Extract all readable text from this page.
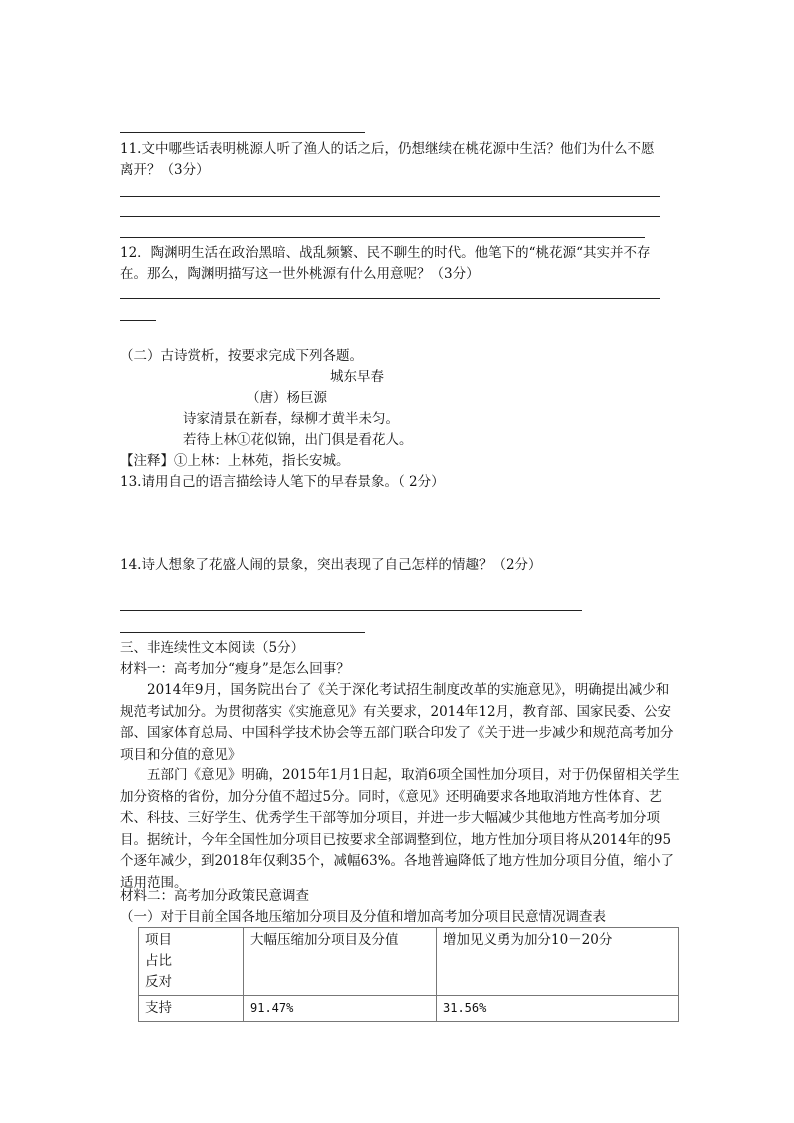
11.文中哪些话表明桃源人听了渔人的话之后，仍想继续在桃花源中生活？他们为什么不愿
离开？（3分）
12．陶渊明生活在政治黑暗、战乱频繁、民不聊生的时代。他笔下的“桃花源“其实并不存
在。那么，陶渊明描写这一世外桃源有什么用意呢？（3分）
（二）古诗赏析，按要求完成下列各题。
城东早春
（唐）杨巨源
诗家清景在新春，绿柳才黄半未匀。
若待上林①花似锦，出门俱是看花人。
【注释】①上林：上林苑，指长安城。
13.请用自己的语言描绘诗人笔下的早春景象。（ 2分）
14.诗人想象了花盛人闹的景象，突出表现了自己怎样的情趣？（2分）
三、非连续性文本阅读（5分）
材料一：高考加分“瘦身”是怎么回事？
2014年9月，国务院出台了《关于深化考试招生制度改革的实施意见》，明确提出减少和规范考试加分。为贯彻落实《实施意见》有关要求，2014年12月，教育部、国家民委、公安部、国家体育总局、中国科学技术协会等五部门联合印发了《关于进一步减少和规范高考加分项目和分值的意见》
五部门《意见》明确，2015年1月1日起，取消6项全国性加分项目，对于仍保留相关学生加分资格的省份，加分分值不超过5分。同时，《意见》还明确要求各地取消地方性体育、艺术、科技、三好学生、优秀学生干部等加分项目，并进一步大幅减少其他地方性高考加分项目。据统计，今年全国性加分项目已按要求全部调整到位，地方性加分项目将从2014年的95个逐年减少，到2018年仅剩35个，减幅63%。各地普遍降低了地方性加分项目分值，缩小了适用范围。
材料二：高考加分政策民意调查
（一）对于目前全国各地压缩加分项目及分值和增加高考加分项目民意情况调查表
项目
占比
反对	大幅压缩加分项目及分值	增加见义勇为加分10－20分
支持	91.47%	31.56%
